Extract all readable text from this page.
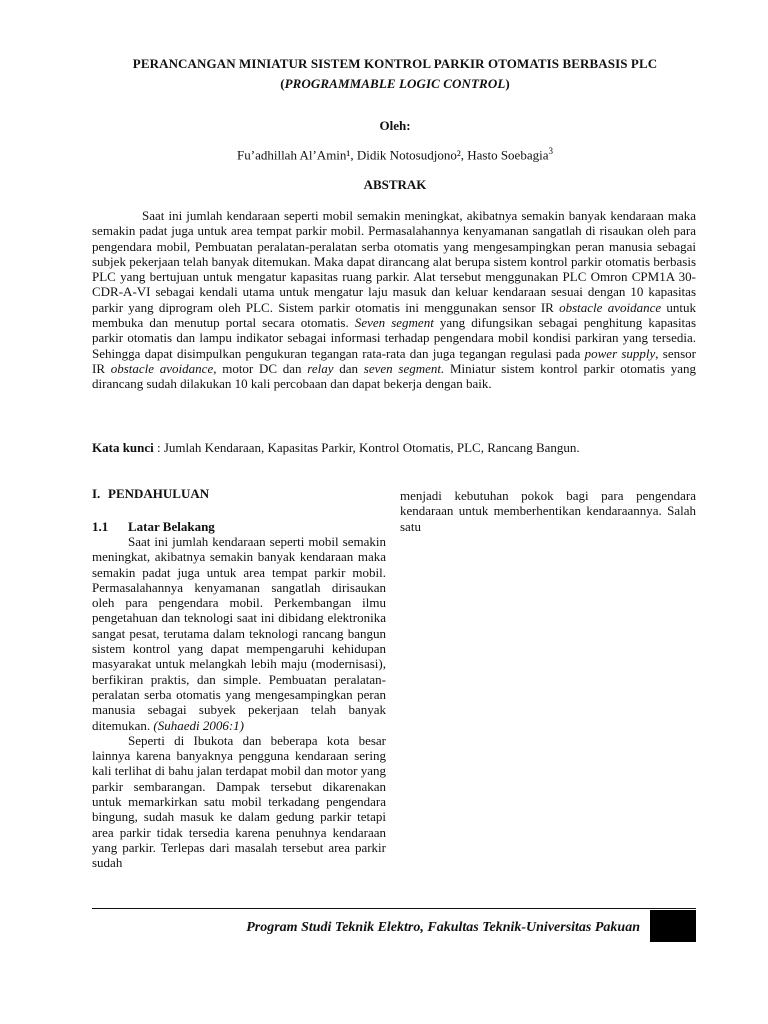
PERANCANGAN MINIATUR SISTEM KONTROL PARKIR OTOMATIS BERBASIS PLC
(PROGRAMMABLE LOGIC CONTROL)

Oleh:

Fu’adhillah Al’Amin¹, Didik Notosudjono², Hasto Soebagia$^3$

ABSTRAK

Saat ini jumlah kendaraan seperti mobil semakin meningkat, akibatnya semakin banyak kendaraan maka semakin padat juga untuk area tempat parkir mobil. Permasalahannya kenyamanan sangatlah di risaukan oleh para pengendara mobil, Pembuatan peralatan-peralatan serba otomatis yang mengesampingkan peran manusia sebagai subjek pekerjaan telah banyak ditemukan. Maka dapat dirancang alat berupa sistem kontrol parkir otomatis berbasis PLC yang bertujuan untuk mengatur kapasitas ruang parkir. Alat tersebut menggunakan PLC Omron CPM1A 30-CDR-A-VI sebagai kendali utama untuk mengatur laju masuk dan keluar kendaraan sesuai dengan 10 kapasitas parkir yang diprogram oleh PLC. Sistem parkir otomatis ini menggunakan sensor IR obstacle avoidance untuk membuka dan menutup portal secara otomatis. Seven segment yang difungsikan sebagai penghitung kapasitas parkir otomatis dan lampu indikator sebagai informasi terhadap pengendara mobil kondisi parkiran yang tersedia. Sehingga dapat disimpulkan pengukuran tegangan rata-rata dan juga tegangan regulasi pada power supply, sensor IR obstacle avoidance, motor DC dan relay dan seven segment. Miniatur sistem kontrol parkir otomatis yang dirancang sudah dilakukan 10 kali percobaan dan dapat bekerja dengan baik.

Kata kunci : Jumlah Kendaraan, Kapasitas Parkir, Kontrol Otomatis, PLC, Rancang Bangun.

I. PENDAHULUAN

1.1 Latar Belakang

Saat ini jumlah kendaraan seperti mobil semakin meningkat, akibatnya semakin banyak kendaraan maka semakin padat juga untuk area tempat parkir mobil. Permasalahannya kenyamanan sangatlah dirisaukan oleh para pengendara mobil. Perkembangan ilmu pengetahuan dan teknologi saat ini dibidang elektronika sangat pesat, terutama dalam teknologi rancang bangun sistem kontrol yang dapat mempengaruhi kehidupan masyarakat untuk melangkah lebih maju (modernisasi), berfikiran praktis, dan simple. Pembuatan peralatan- peralatan serba otomatis yang mengesampingkan peran manusia sebagai subyek pekerjaan telah banyak ditemukan. (Suhaedi 2006:1)

Seperti di Ibukota dan beberapa kota besar lainnya karena banyaknya pengguna kendaraan sering kali terlihat di bahu jalan terdapat mobil dan motor yang parkir sembarangan. Dampak tersebut dikarenakan untuk memarkirkan satu mobil terkadang pengendara bingung, sudah masuk ke dalam gedung parkir tetapi area parkir tidak tersedia karena penuhnya kendaraan yang parkir. Terlepas dari masalah tersebut area parkir sudah

menjadi kebutuhan pokok bagi para pengendara kendaraan untuk memberhentikan kendaraannya. Salah satu

Program Studi Teknik Elektro, Fakultas Teknik-Universitas Pakuan
